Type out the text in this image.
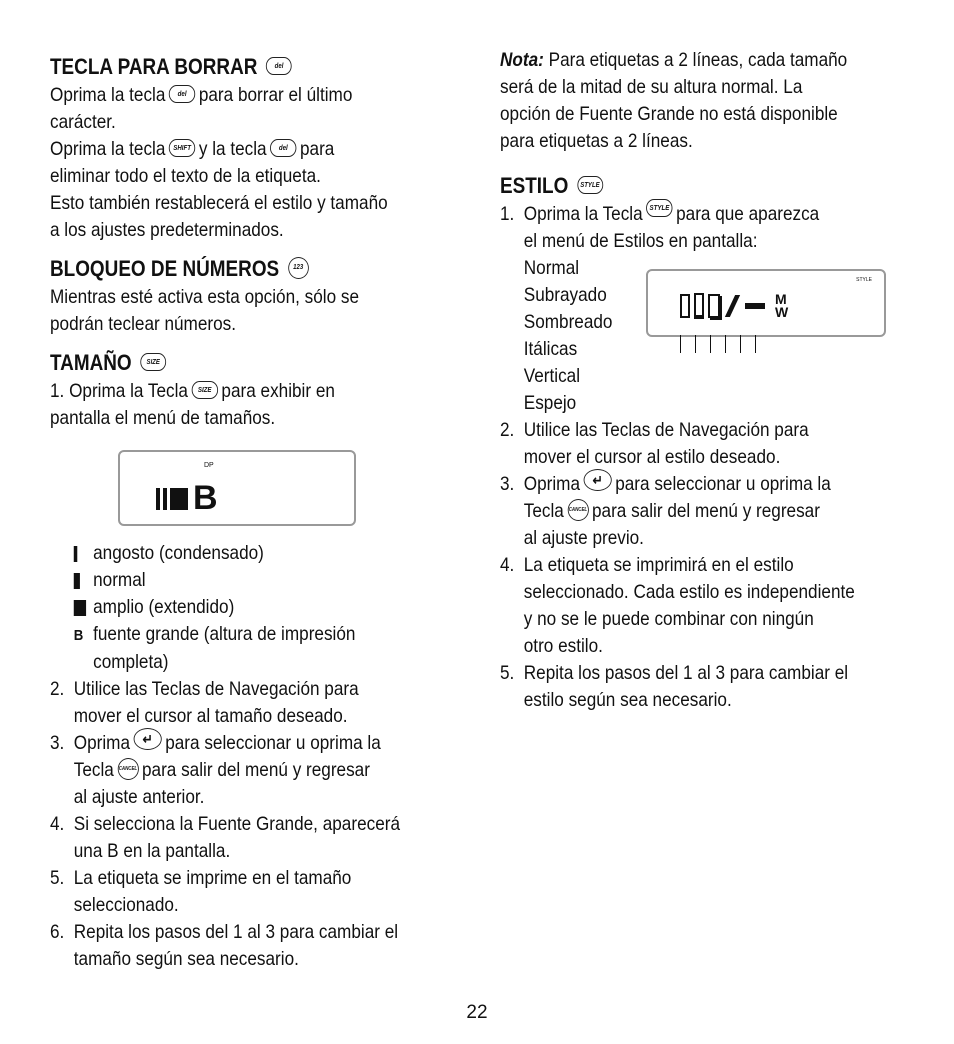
TECLA PARA BORRAR del
Oprima la tecla del para borrar el último
carácter.
Oprima la tecla SHIFT y la tecla del para
eliminar todo el texto de la etiqueta.
Esto también restablecerá el estilo y tamaño
a los ajustes predeterminados.
BLOQUEO DE NÚMEROS 123
Mientras esté activa esta opción, sólo se
podrán teclear números.
TAMAÑO SIZE
1. Oprima la Tecla SIZE para exhibir en
pantalla el menú de tamaños.
DP
B
angosto (condensado)
normal
amplio (extendido)
B fuente grande (altura de impresión
completa)
2. Utilice las Teclas de Navegación para
mover el cursor al tamaño deseado.
3. Oprima ↵ para seleccionar u oprima la
Tecla CANCEL para salir del menú y regresar
al ajuste anterior.
4. Si selecciona la Fuente Grande, aparecerá
una B en la pantalla.
5. La etiqueta se imprime en el tamaño
seleccionado.
6. Repita los pasos del 1 al 3 para cambiar el
tamaño según sea necesario.
Nota: Para etiquetas a 2 líneas, cada tamaño
será de la mitad de su altura normal. La
opción de Fuente Grande no está disponible
para etiquetas a 2 líneas.
ESTILO STYLE
1. Oprima la Tecla STYLE para que aparezca
el menú de Estilos en pantalla:
Normal
Subrayado
Sombreado
Itálicas
Vertical
Espejo
STYLE
M
W
2. Utilice las Teclas de Navegación para
mover el cursor al estilo deseado.
3. Oprima ↵ para seleccionar u oprima la
Tecla CANCEL para salir del menú y regresar
al ajuste previo.
4. La etiqueta se imprimirá en el estilo
seleccionado. Cada estilo es independiente
y no se le puede combinar con ningún
otro estilo.
5. Repita los pasos del 1 al 3 para cambiar el
estilo según sea necesario.
22
